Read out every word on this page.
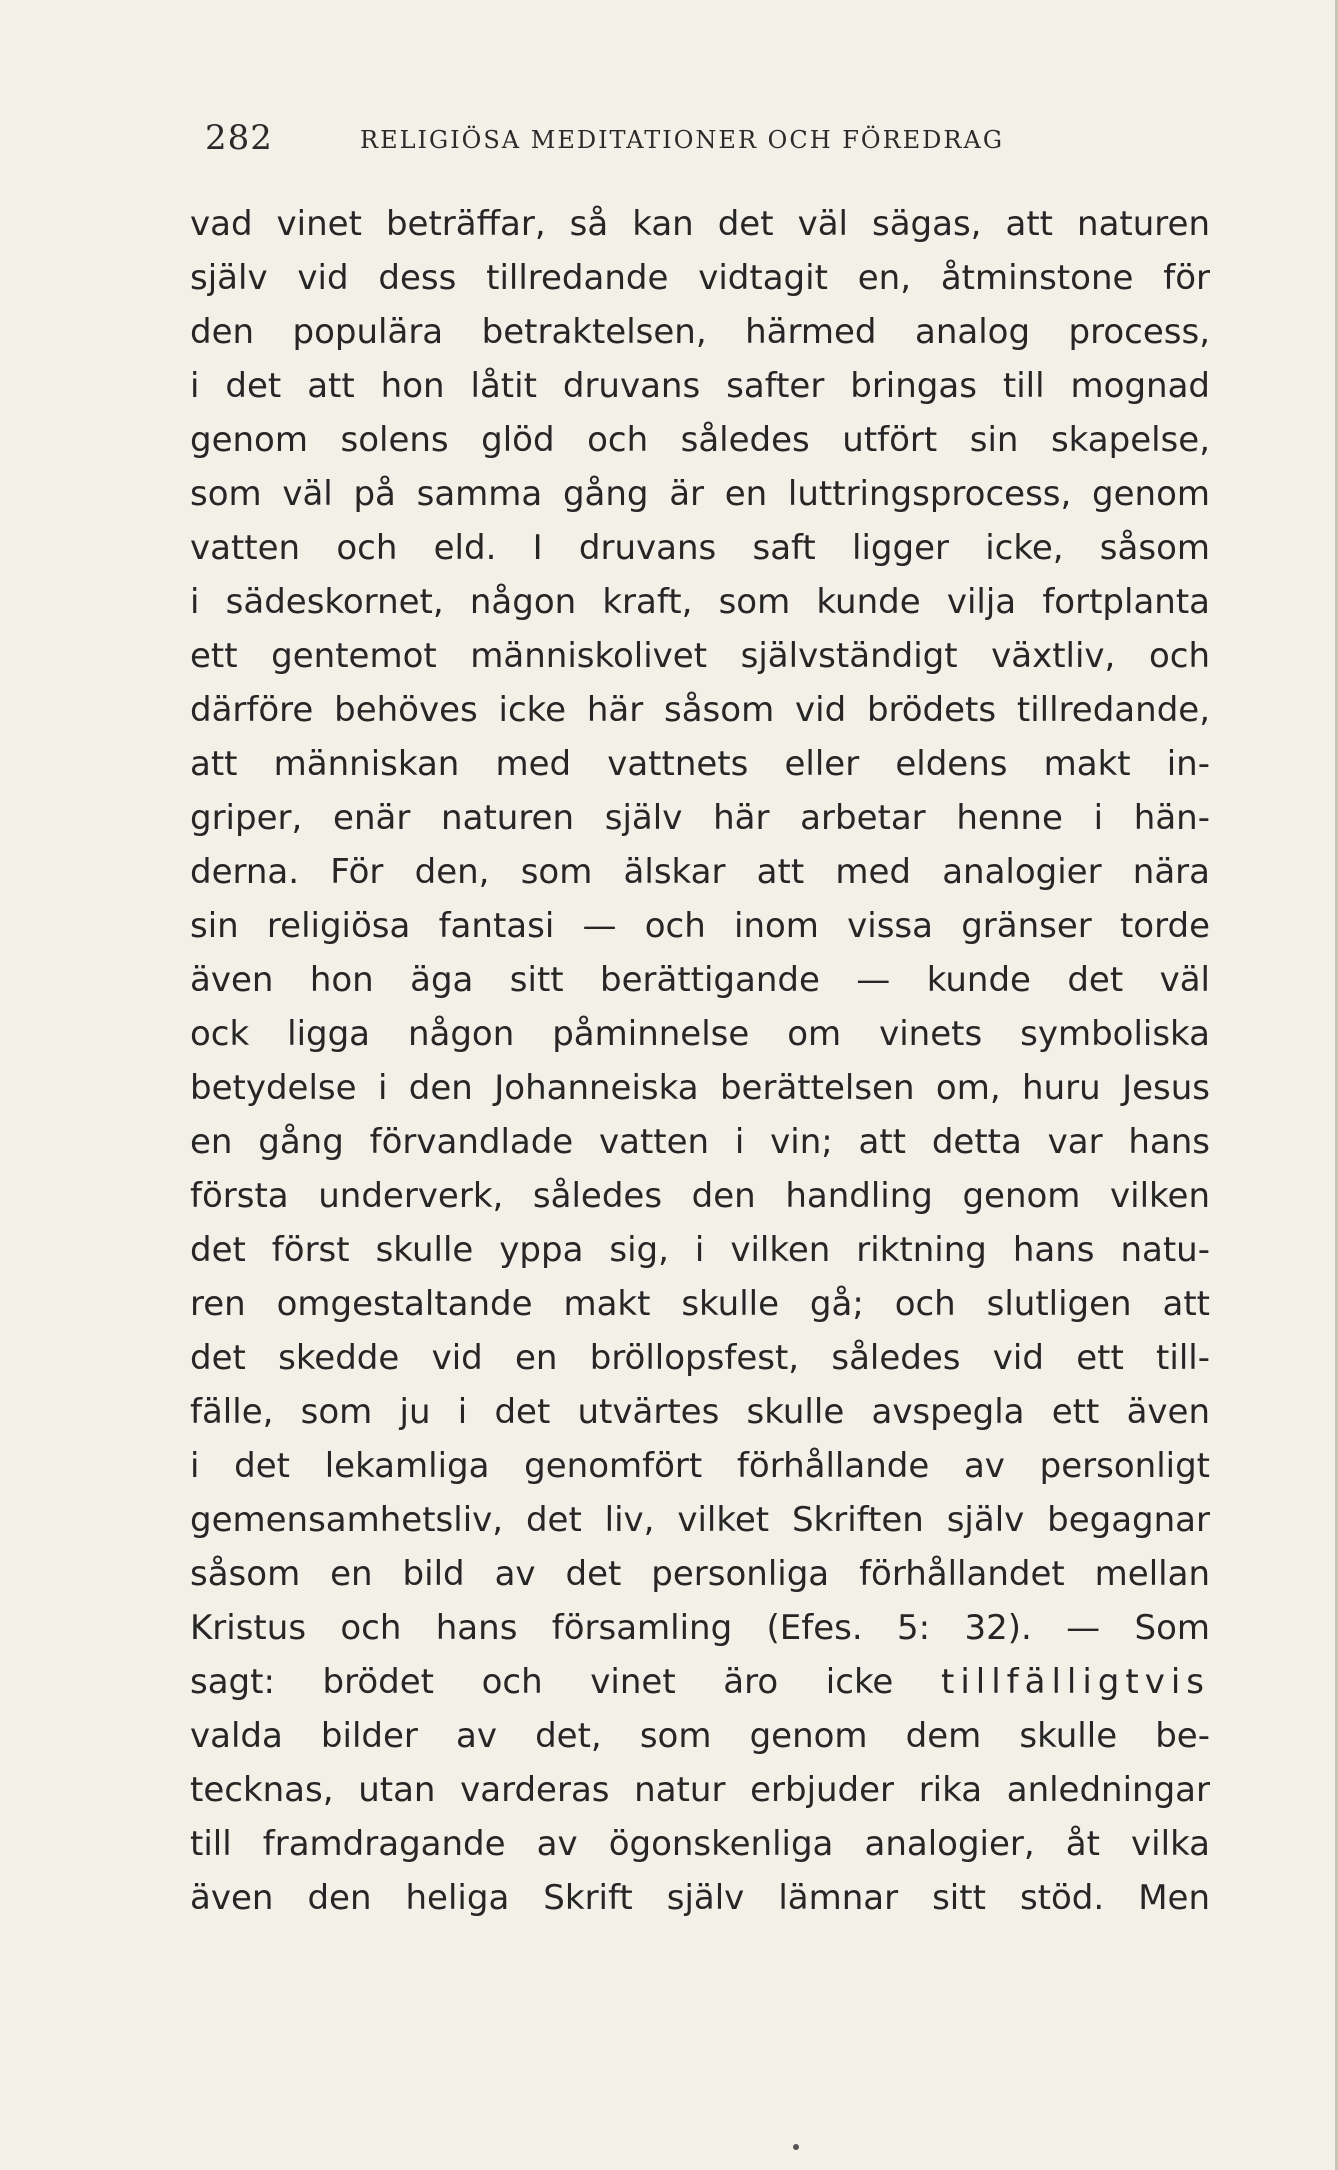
282	RELIGIÖSA MEDITATIONER OCH FÖREDRAG
vad vinet beträffar, så kan det väl sägas, att naturen
själv vid dess tillredande vidtagit en, åtminstone för
den populära betraktelsen, härmed analog process,
i det att hon låtit druvans safter bringas till mognad
genom solens glöd och således utfört sin skapelse,
som väl på samma gång är en luttringsprocess, genom
vatten och eld. I druvans saft ligger icke, såsom
i sädeskornet, någon kraft, som kunde vilja fortplanta
ett gentemot människolivet självständigt växtliv, och
därföre behöves icke här såsom vid brödets tillredande,
att människan med vattnets eller eldens makt in-
griper, enär naturen själv här arbetar henne i hän-
derna. För den, som älskar att med analogier nära
sin religiösa fantasi — och inom vissa gränser torde
även hon äga sitt berättigande — kunde det väl
ock ligga någon påminnelse om vinets symboliska
betydelse i den Johanneiska berättelsen om, huru Jesus
en gång förvandlade vatten i vin; att detta var hans
första underverk, således den handling genom vilken
det först skulle yppa sig, i vilken riktning hans natu-
ren omgestaltande makt skulle gå; och slutligen att
det skedde vid en bröllopsfest, således vid ett till-
fälle, som ju i det utvärtes skulle avspegla ett även
i det lekamliga genomfört förhållande av personligt
gemensamhetsliv, det liv, vilket Skriften själv begagnar
såsom en bild av det personliga förhållandet mellan
Kristus och hans församling (Efes. 5: 32). — Som
sagt: brödet och vinet äro icke tillfälligtvis
valda bilder av det, som genom dem skulle be-
tecknas, utan varderas natur erbjuder rika anledningar
till framdragande av ögonskenliga analogier, åt vilka
även den heliga Skrift själv lämnar sitt stöd. Men
